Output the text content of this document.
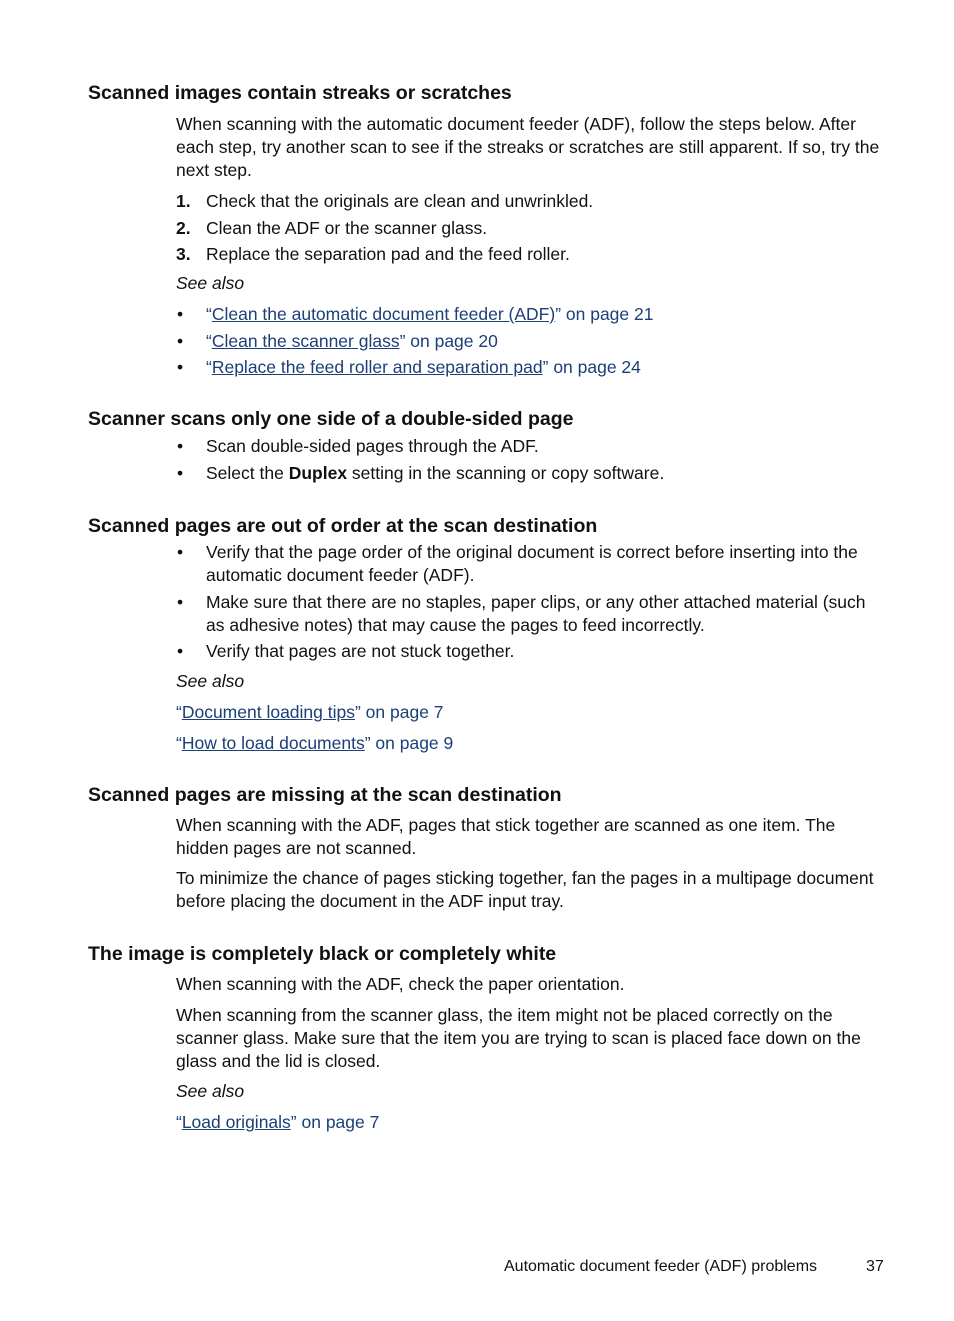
Scanned images contain streaks or scratches

When scanning with the automatic document feeder (ADF), follow the steps below. After each step, try another scan to see if the streaks or scratches are still apparent. If so, try the next step.

1. Check that the originals are clean and unwrinkled.
2. Clean the ADF or the scanner glass.
3. Replace the separation pad and the feed roller.

See also

• “Clean the automatic document feeder (ADF)” on page 21
• “Clean the scanner glass” on page 20
• “Replace the feed roller and separation pad” on page 24
Scanner scans only one side of a double-sided page
• Scan double-sided pages through the ADF.
• Select the Duplex setting in the scanning or copy software.
Scanned pages are out of order at the scan destination
• Verify that the page order of the original document is correct before inserting into the automatic document feeder (ADF).
• Make sure that there are no staples, paper clips, or any other attached material (such as adhesive notes) that may cause the pages to feed incorrectly.
• Verify that pages are not stuck together.

See also

“Document loading tips” on page 7
“How to load documents” on page 9
Scanned pages are missing at the scan destination

When scanning with the ADF, pages that stick together are scanned as one item. The hidden pages are not scanned.

To minimize the chance of pages sticking together, fan the pages in a multipage document before placing the document in the ADF input tray.

The image is completely black or completely white

When scanning with the ADF, check the paper orientation.

When scanning from the scanner glass, the item might not be placed correctly on the scanner glass. Make sure that the item you are trying to scan is placed face down on the glass and the lid is closed.

See also

“Load originals” on page 7
Automatic document feeder (ADF) problems	37
